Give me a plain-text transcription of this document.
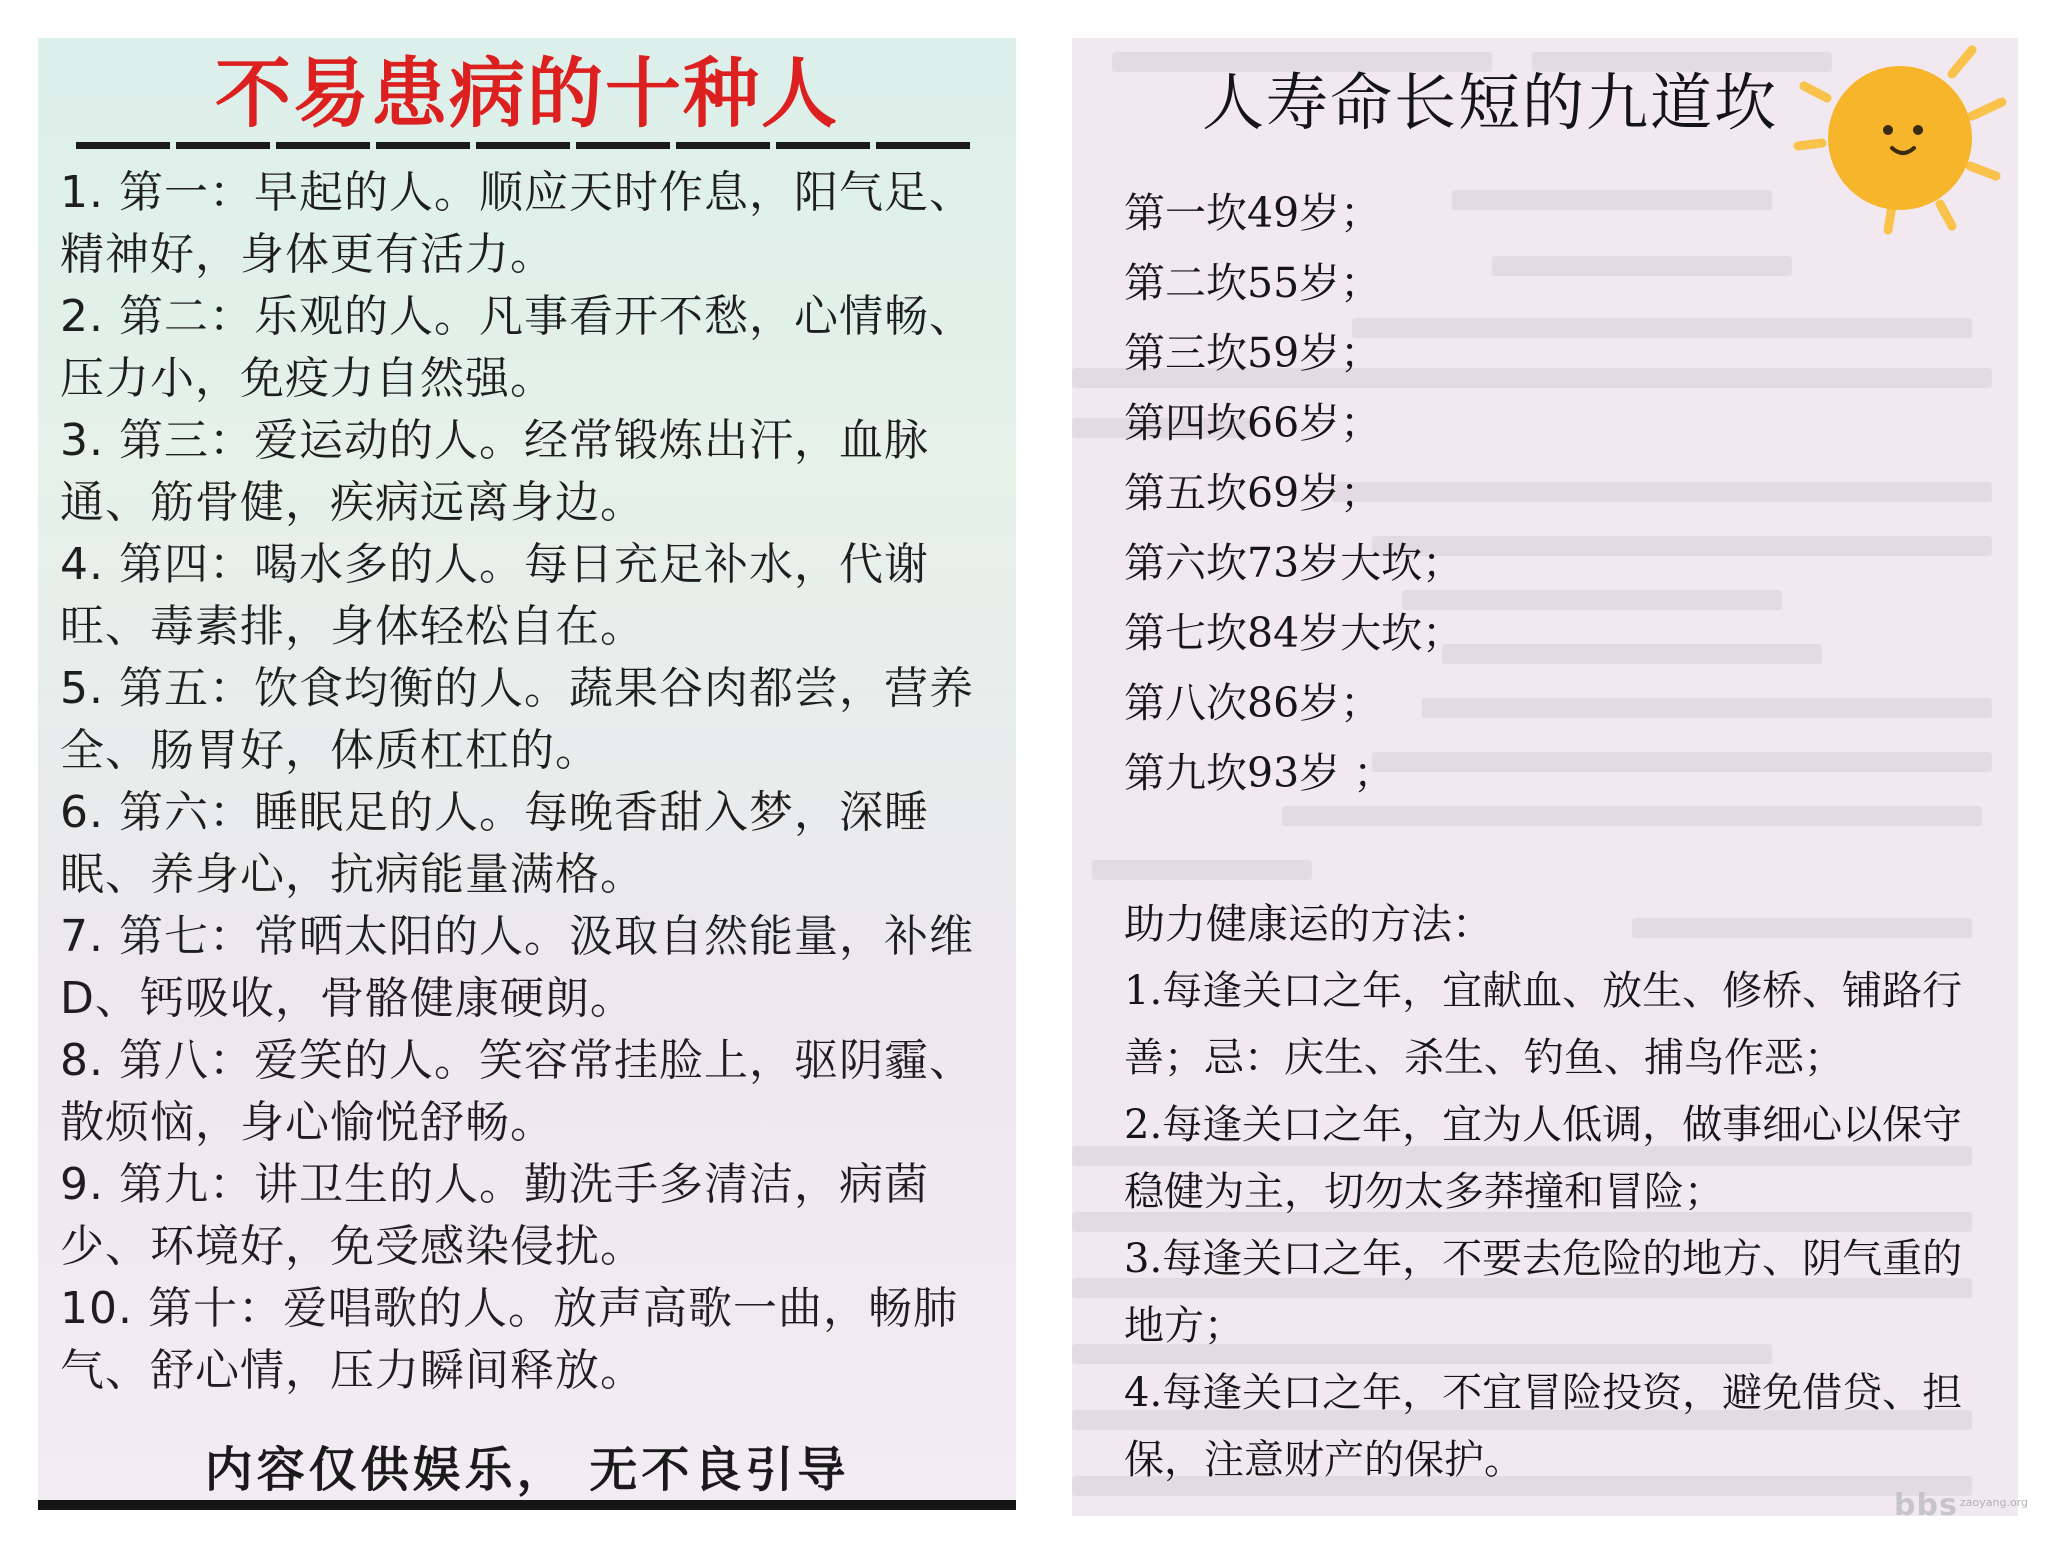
不易患病的十种人
1. 第一：早起的人。顺应天时作息，阳气足、精神好，身体更有活力。
2. 第二：乐观的人。凡事看开不愁，心情畅、压力小，免疫力自然强。
3. 第三：爱运动的人。经常锻炼出汗，血脉通、筋骨健，疾病远离身边。
4. 第四：喝水多的人。每日充足补水，代谢旺、毒素排，身体轻松自在。
5. 第五：饮食均衡的人。蔬果谷肉都尝，营养全、肠胃好，体质杠杠的。
6. 第六：睡眠足的人。每晚香甜入梦，深睡眠、养身心，抗病能量满格。
7. 第七：常晒太阳的人。汲取自然能量，补维 D、钙吸收，骨骼健康硬朗。
8. 第八：爱笑的人。笑容常挂脸上，驱阴霾、散烦恼，身心愉悦舒畅。
9. 第九：讲卫生的人。勤洗手多清洁，病菌少、环境好，免受感染侵扰。
10. 第十：爱唱歌的人。放声高歌一曲，畅肺气、舒心情，压力瞬间释放。
内容仅供娱乐， 无不良引导
人寿命长短的九道坎
第一坎49岁；
第二坎55岁；
第三坎59岁；
第四坎66岁；
第五坎69岁；
第六坎73岁大坎；
第七坎84岁大坎；
第八次86岁；
第九坎93岁 ；
助力健康运的方法：
1.每逢关口之年，宜献血、放生、修桥、铺路行善；忌：庆生、杀生、钓鱼、捕鸟作恶；
2.每逢关口之年，宜为人低调，做事细心以保守稳健为主，切勿太多莽撞和冒险；
3.每逢关口之年，不要去危险的地方、阴气重的地方；
4.每逢关口之年，不宜冒险投资，避免借贷、担保，注意财产的保护。
bbs zaoyang.org
